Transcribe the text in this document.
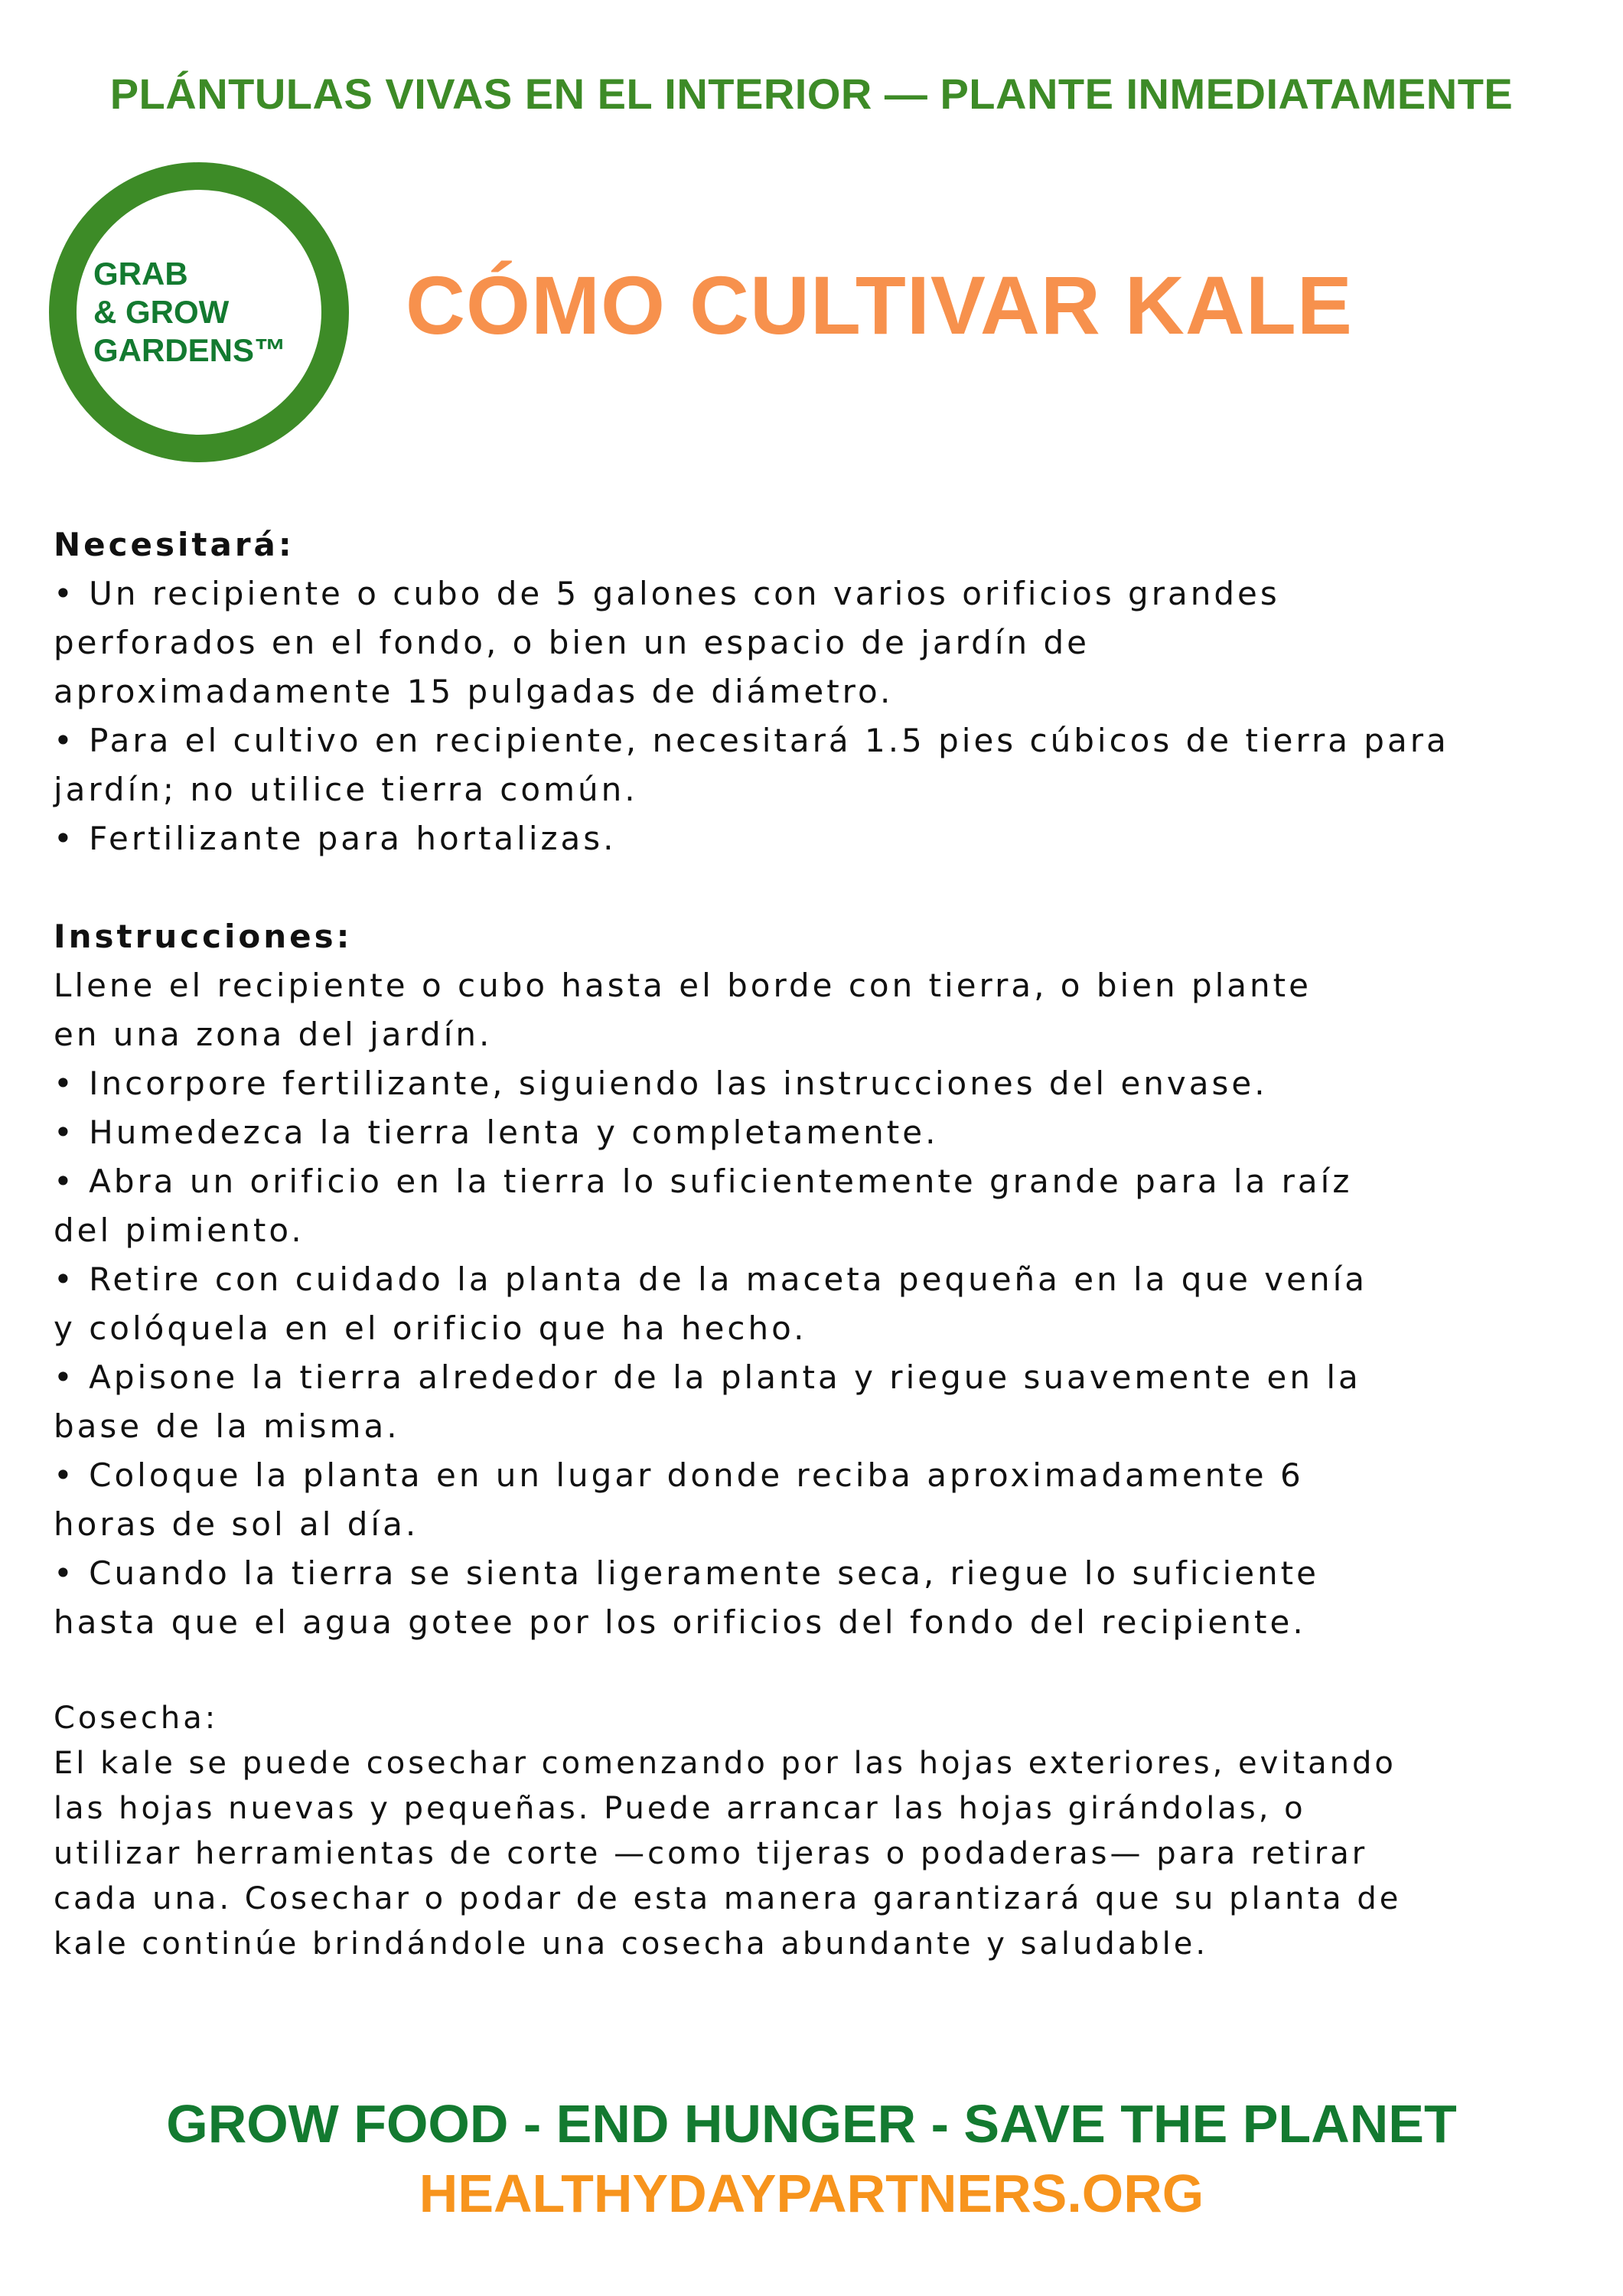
PLÁNTULAS VIVAS EN EL INTERIOR — PLANTE INMEDIATAMENTE
GRAB
& GROW
GARDENS™ CÓMO CULTIVAR KALE
Necesitará:
• Un recipiente o cubo de 5 galones con varios orificios grandes
perforados en el fondo, o bien un espacio de jardín de
aproximadamente 15 pulgadas de diámetro.
• Para el cultivo en recipiente, necesitará 1.5 pies cúbicos de tierra para
jardín; no utilice tierra común.
• Fertilizante para hortalizas.
Instrucciones:
Llene el recipiente o cubo hasta el borde con tierra, o bien plante
en una zona del jardín.
• Incorpore fertilizante, siguiendo las instrucciones del envase.
• Humedezca la tierra lenta y completamente.
• Abra un orificio en la tierra lo suficientemente grande para la raíz
del pimiento.
• Retire con cuidado la planta de la maceta pequeña en la que venía
y colóquela en el orificio que ha hecho.
• Apisone la tierra alrededor de la planta y riegue suavemente en la
base de la misma.
• Coloque la planta en un lugar donde reciba aproximadamente 6
horas de sol al día.
• Cuando la tierra se sienta ligeramente seca, riegue lo suficiente
hasta que el agua gotee por los orificios del fondo del recipiente.
Cosecha:
El kale se puede cosechar comenzando por las hojas exteriores, evitando
las hojas nuevas y pequeñas. Puede arrancar las hojas girándolas, o
utilizar herramientas de corte —como tijeras o podaderas— para retirar
cada una. Cosechar o podar de esta manera garantizará que su planta de
kale continúe brindándole una cosecha abundante y saludable.
GROW FOOD - END HUNGER - SAVE THE PLANET
HEALTHYDAYPARTNERS.ORG
